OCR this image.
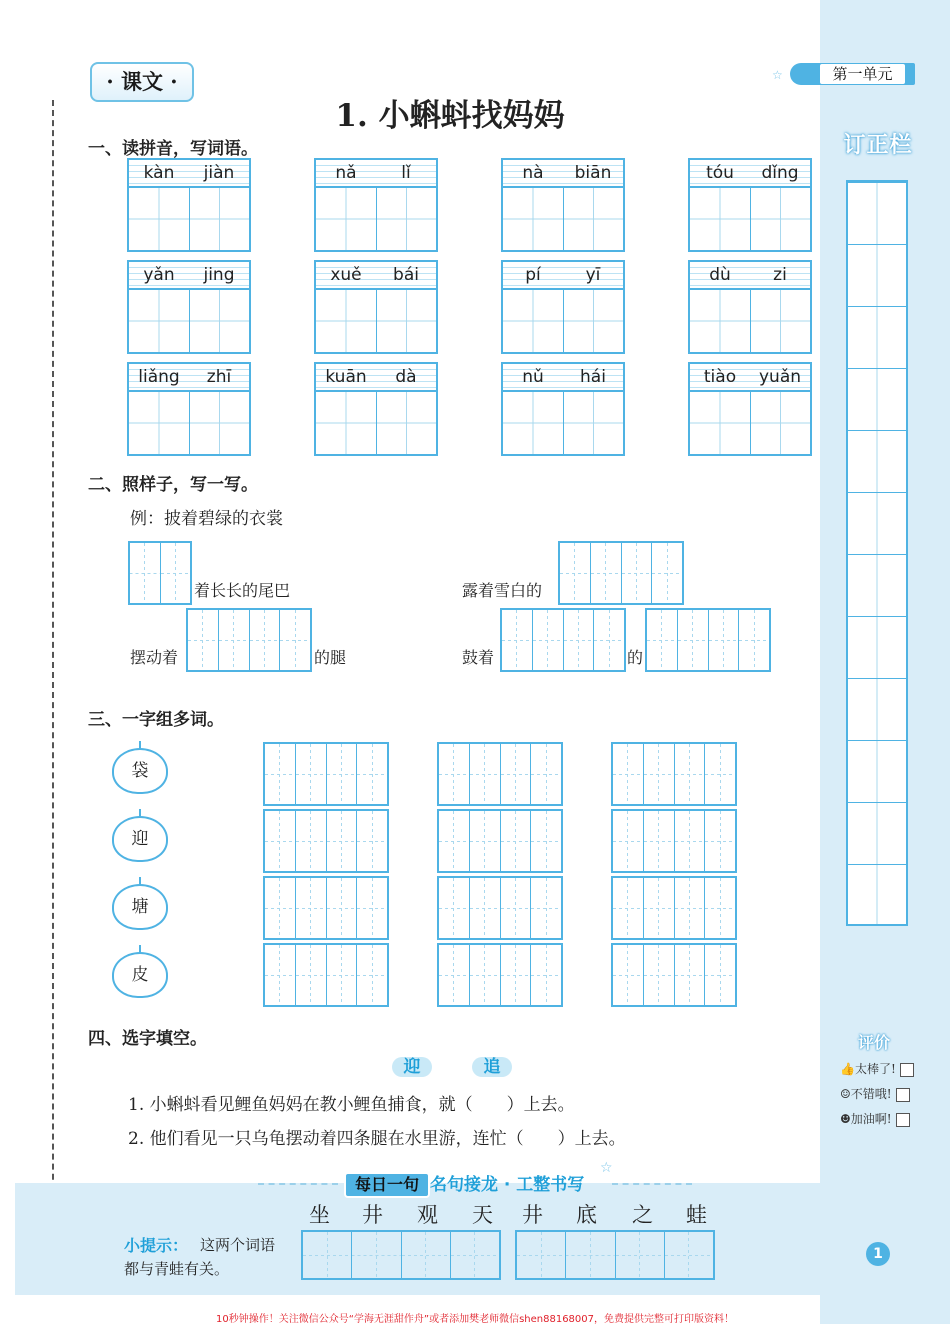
· 课文 ·
1. 小蝌蚪找妈妈
☆	第一单元
订正栏
一、读拼音，写词语。
kàn	jiàn	nǎ	lǐ	nà	biān	tóu	dǐng
yǎn	jing	xuě	bái	pí	yī	dù	zi
liǎng	zhī	kuān	dà	nǔ	hái	tiào	yuǎn
二、照样子，写一写。
例：披着碧绿的衣裳
着长长的尾巴	露着雪白的
摆动着	的腿	鼓着	的
三、一字组多词。
袋
迎
塘
皮
四、选字填空。
迎	追
1. 小蝌蚪看见鲤鱼妈妈在教小鲤鱼捕食，就（　　）上去。
2. 他们看见一只乌龟摆动着四条腿在水里游，连忙（　　）上去。
每日一句 名句接龙 · 工整书写
☆
小提示： 这两个词语
都与青蛙有关。
坐 井 观 天 井 底 之 蛙
评价
👍太棒了!
☺不错哦!
☻加油啊!
1
10秒钟操作！关注微信公众号“学海无涯甜作舟”或者添加樊老师微信shen88168007，免费提供完整可打印版资料！
